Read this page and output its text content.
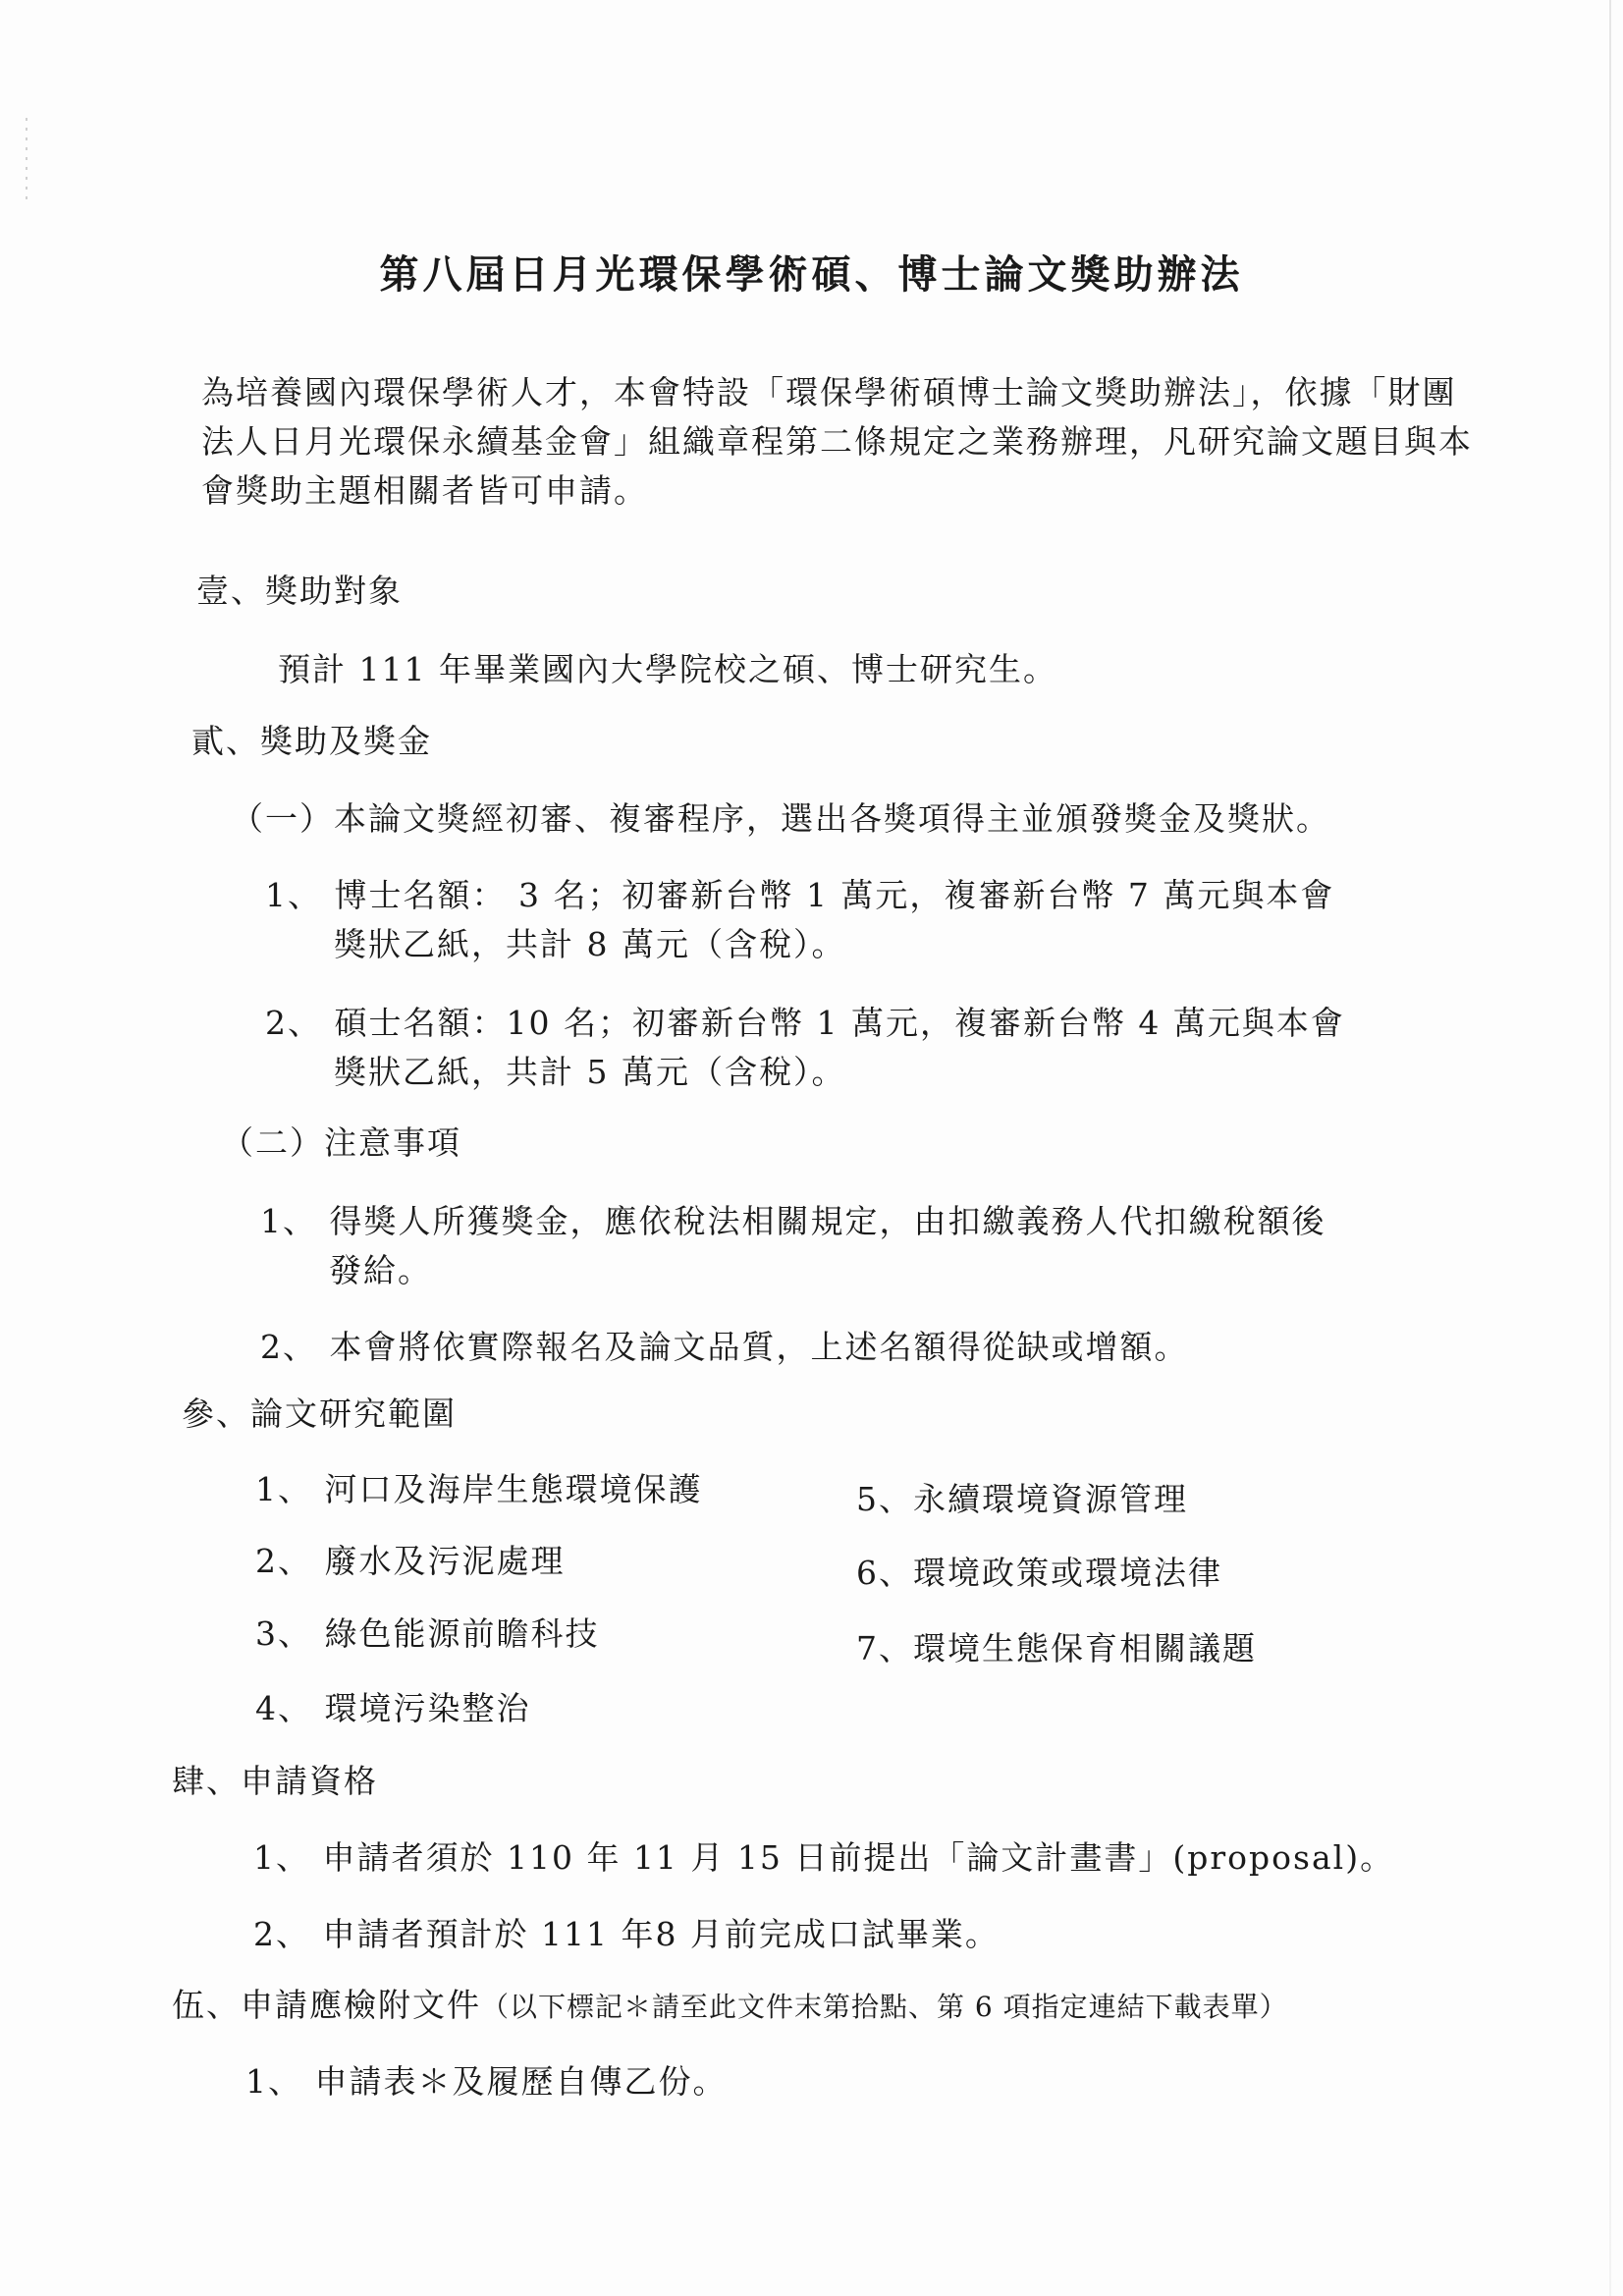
第八屆日月光環保學術碩、博士論文獎助辦法
為培養國內環保學術人才，本會特設「環保學術碩博士論文獎助辦法」，依據「財團法人日月光環保永續基金會」組織章程第二條規定之業務辦理，凡研究論文題目與本會獎助主題相關者皆可申請。
壹、獎助對象
預計 111 年畢業國內大學院校之碩、博士研究生。
貳、獎助及獎金
（一）本論文獎經初審、複審程序，選出各獎項得主並頒發獎金及獎狀。
1、 博士名額： 3 名；初審新台幣 1 萬元，複審新台幣 7 萬元與本會
獎狀乙紙，共計 8 萬元（含稅）。
2、 碩士名額：10 名；初審新台幣 1 萬元，複審新台幣 4 萬元與本會
獎狀乙紙，共計 5 萬元（含稅）。
（二）注意事項
1、 得獎人所獲獎金，應依稅法相關規定，由扣繳義務人代扣繳稅額後
發給。
2、 本會將依實際報名及論文品質，上述名額得從缺或增額。
參、論文研究範圍
1、 河口及海岸生態環境保護
2、 廢水及污泥處理
3、 綠色能源前瞻科技
4、 環境污染整治
5、永續環境資源管理
6、環境政策或環境法律
7、環境生態保育相關議題
肆、申請資格
1、 申請者須於 110 年 11 月 15 日前提出「論文計畫書」(proposal)。
2、 申請者預計於 111 年8 月前完成口試畢業。
伍、申請應檢附文件（以下標記＊請至此文件末第拾點、第 6 項指定連結下載表單）
1、 申請表＊及履歷自傳乙份。
